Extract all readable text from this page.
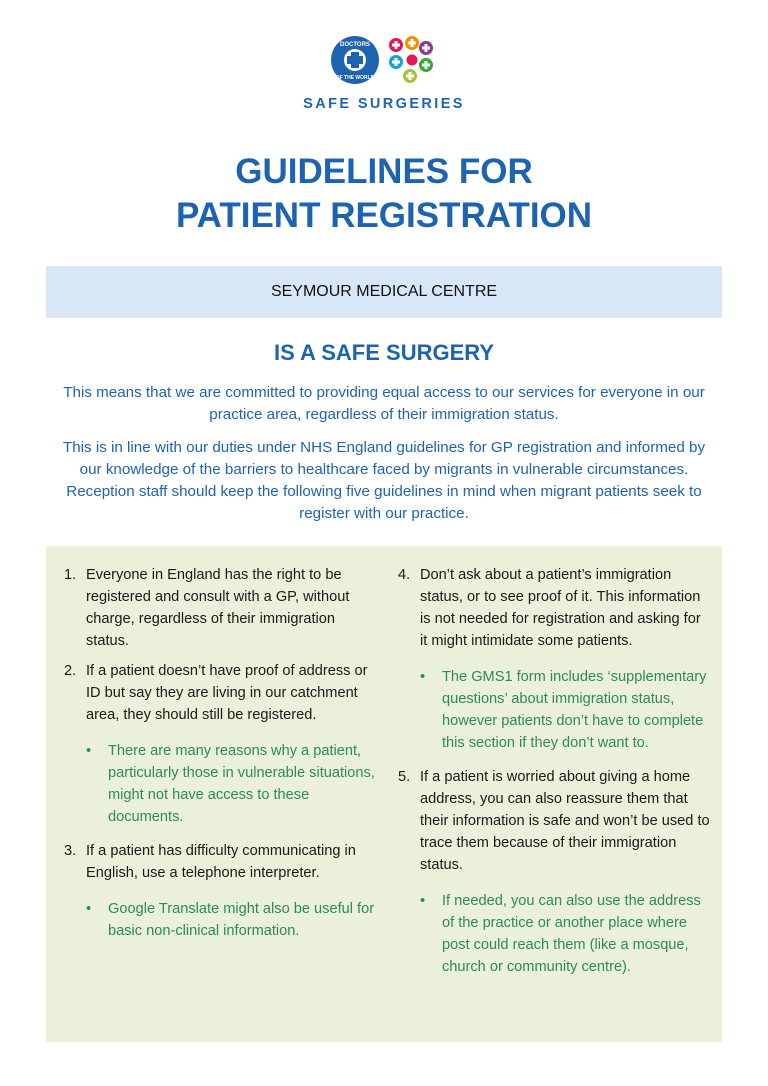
DOCTORS
OF THE WORLD
SAFE SURGERIES
GUIDELINES FOR
PATIENT REGISTRATION
SEYMOUR MEDICAL CENTRE
IS A SAFE SURGERY

This means that we are committed to providing equal access to our services for everyone in our practice area, regardless of their immigration status.

This is in line with our duties under NHS England guidelines for GP registration and informed by our knowledge of the barriers to healthcare faced by migrants in vulnerable circumstances. Reception staff should keep the following five guidelines in mind when migrant patients seek to register with our practice.

1. Everyone in England has the right to be registered and consult with a GP, without charge, regardless of their immigration status.
2. If a patient doesn’t have proof of address or ID but say they are living in our catchment area, they should still be registered.
• There are many reasons why a patient, particularly those in vulnerable situations, might not have access to these documents.
3. If a patient has difficulty communicating in English, use a telephone interpreter.
• Google Translate might also be useful for basic non-clinical information.
4. Don’t ask about a patient’s immigration status, or to see proof of it. This information is not needed for registration and asking for it might intimidate some patients.
• The GMS1 form includes ‘supplementary questions’ about immigration status, however patients don’t have to complete this section if they don’t want to.
5. If a patient is worried about giving a home address, you can also reassure them that their information is safe and won’t be used to trace them because of their immigration status.
• If needed, you can also use the address of the practice or another place where post could reach them (like a mosque, church or community centre).
